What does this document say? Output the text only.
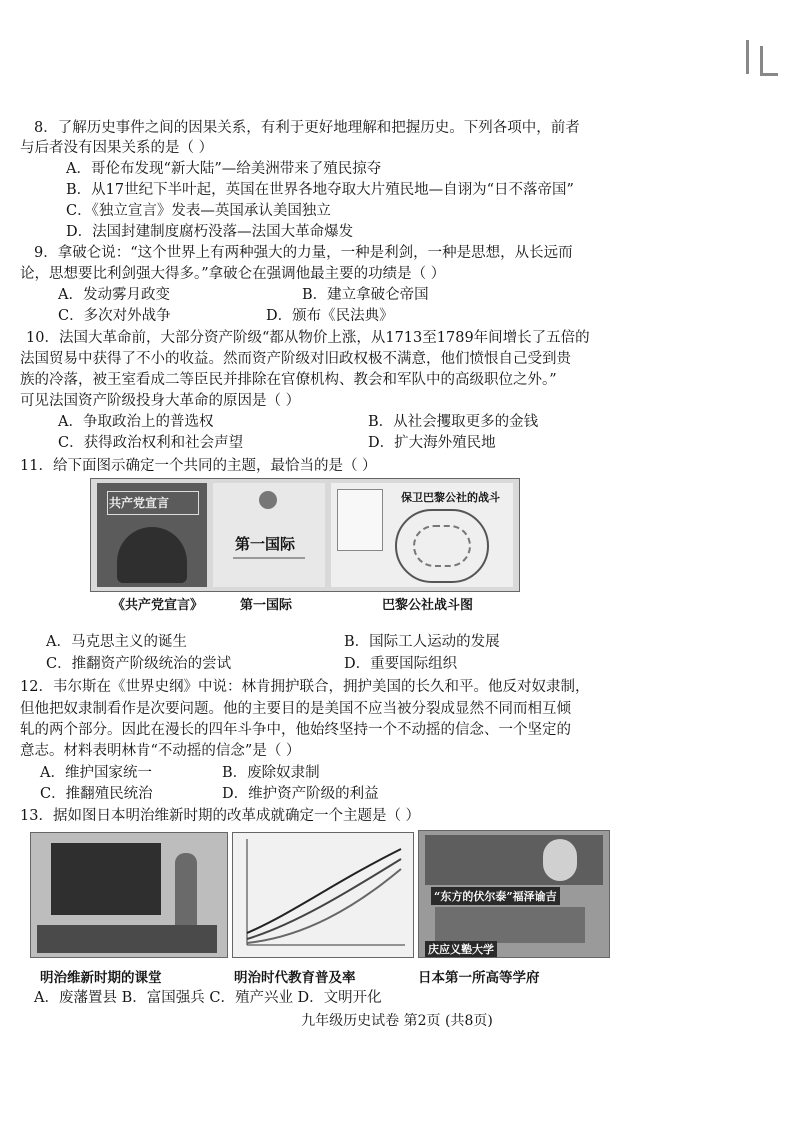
8．了解历史事件之间的因果关系，有利于更好地理解和把握历史。下列各项中，前者
与后者没有因果关系的是（ ）
A．哥伦布发现“新大陆”—给美洲带来了殖民掠夺
B．从17世纪下半叶起，英国在世界各地夺取大片殖民地—自诩为“日不落帝国”
C．《独立宣言》发表—英国承认美国独立
D．法国封建制度腐朽没落—法国大革命爆发
9．拿破仑说：“这个世界上有两种强大的力量，一种是利剑，一种是思想，从长远而
论，思想要比利剑强大得多。”拿破仑在强调他最主要的功绩是（ ）
A．发动雾月政变	B．建立拿破仑帝国
C．多次对外战争	D．颁布《民法典》
10．法国大革命前，大部分资产阶级“都从物价上涨，从1713至1789年间增长了五倍的
法国贸易中获得了不小的收益。然而资产阶级对旧政权极不满意，他们愤恨自己受到贵
族的冷落，被王室看成二等臣民并排除在官僚机构、教会和军队中的高级职位之外。”
可见法国资产阶级投身大革命的原因是（ ）
A．争取政治上的普选权	B．从社会攫取更多的金钱
C．获得政治权利和社会声望	D．扩大海外殖民地
11．给下面图示确定一个共同的主题，最恰当的是（ ）
共产党宣言
第一国际
保卫巴黎公社的战斗
《共产党宣言》	第一国际	巴黎公社战斗图
A．马克思主义的诞生	B．国际工人运动的发展
C．推翻资产阶级统治的尝试	D．重要国际组织
12．韦尔斯在《世界史纲》中说：林肯拥护联合，拥护美国的长久和平。他反对奴隶制，
但他把奴隶制看作是次要问题。他的主要目的是美国不应当被分裂成显然不同而相互倾
轧的两个部分。因此在漫长的四年斗争中，他始终坚持一个不动摇的信念、一个坚定的
意志。材料表明林肯“不动摇的信念”是（ ）
A．维护国家统一	B．废除奴隶制
C．推翻殖民统治	D．维护资产阶级的利益
13．据如图日本明治维新时期的改革成就确定一个主题是（ ）
“东方的伏尔泰”福泽谕吉
庆应义塾大学
明治维新时期的课堂	明治时代教育普及率	日本第一所高等学府
A．废藩置县 B．富国强兵 C．殖产兴业 D．文明开化
九年级历史试卷 第2页 (共8页)
